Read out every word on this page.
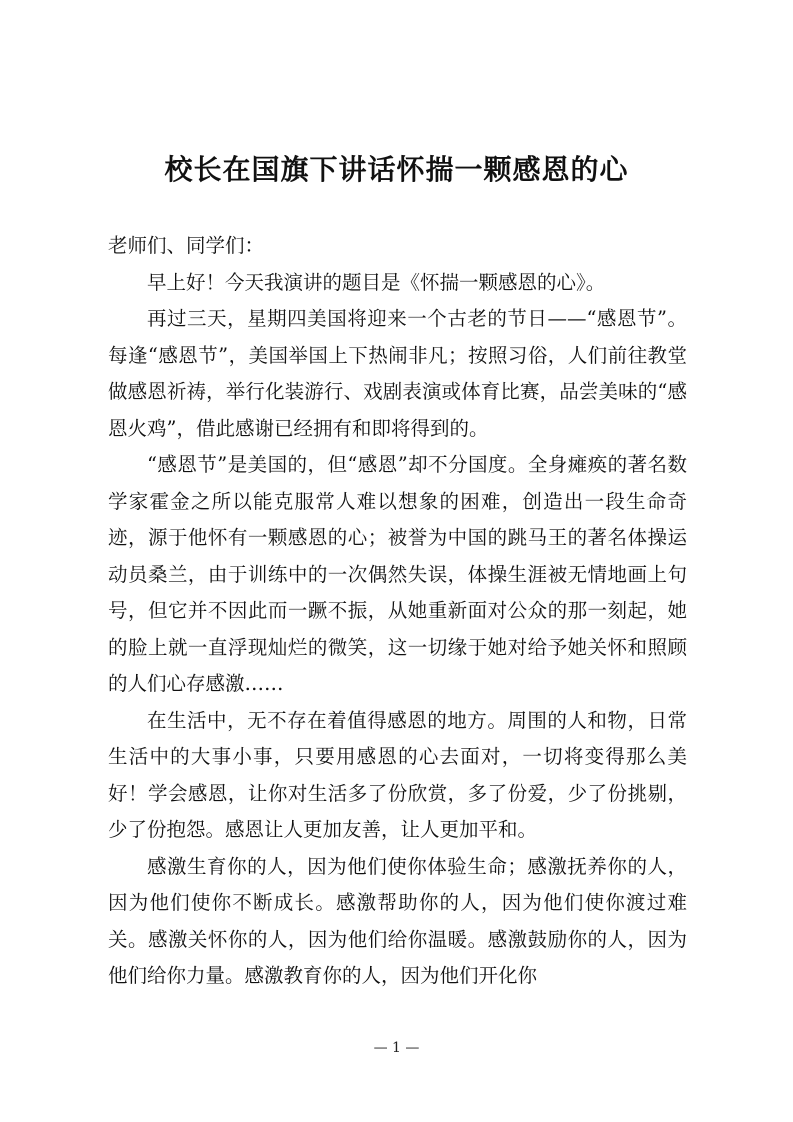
校长在国旗下讲话怀揣一颗感恩的心

老师们、同学们：

早上好！今天我演讲的题目是《怀揣一颗感恩的心》。

再过三天，星期四美国将迎来一个古老的节日——“感恩节”。每逢“感恩节”，美国举国上下热闹非凡；按照习俗，人们前往教堂做感恩祈祷，举行化装游行、戏剧表演或体育比赛，品尝美味的“感恩火鸡”，借此感谢已经拥有和即将得到的。

“感恩节”是美国的，但“感恩”却不分国度。全身瘫痪的著名数学家霍金之所以能克服常人难以想象的困难，创造出一段生命奇迹，源于他怀有一颗感恩的心；被誉为中国的跳马王的著名体操运动员桑兰，由于训练中的一次偶然失误，体操生涯被无情地画上句号，但它并不因此而一蹶不振，从她重新面对公众的那一刻起，她的脸上就一直浮现灿烂的微笑，这一切缘于她对给予她关怀和照顾的人们心存感激……

在生活中，无不存在着值得感恩的地方。周围的人和物，日常生活中的大事小事，只要用感恩的心去面对，一切将变得那么美好！学会感恩，让你对生活多了份欣赏，多了份爱，少了份挑剔，少了份抱怨。感恩让人更加友善，让人更加平和。

感激生育你的人，因为他们使你体验生命；感激抚养你的人，因为他们使你不断成长。感激帮助你的人，因为他们使你渡过难关。感激关怀你的人，因为他们给你温暖。感激鼓励你的人，因为他们给你力量。感激教育你的人，因为他们开化你

— 1 —
